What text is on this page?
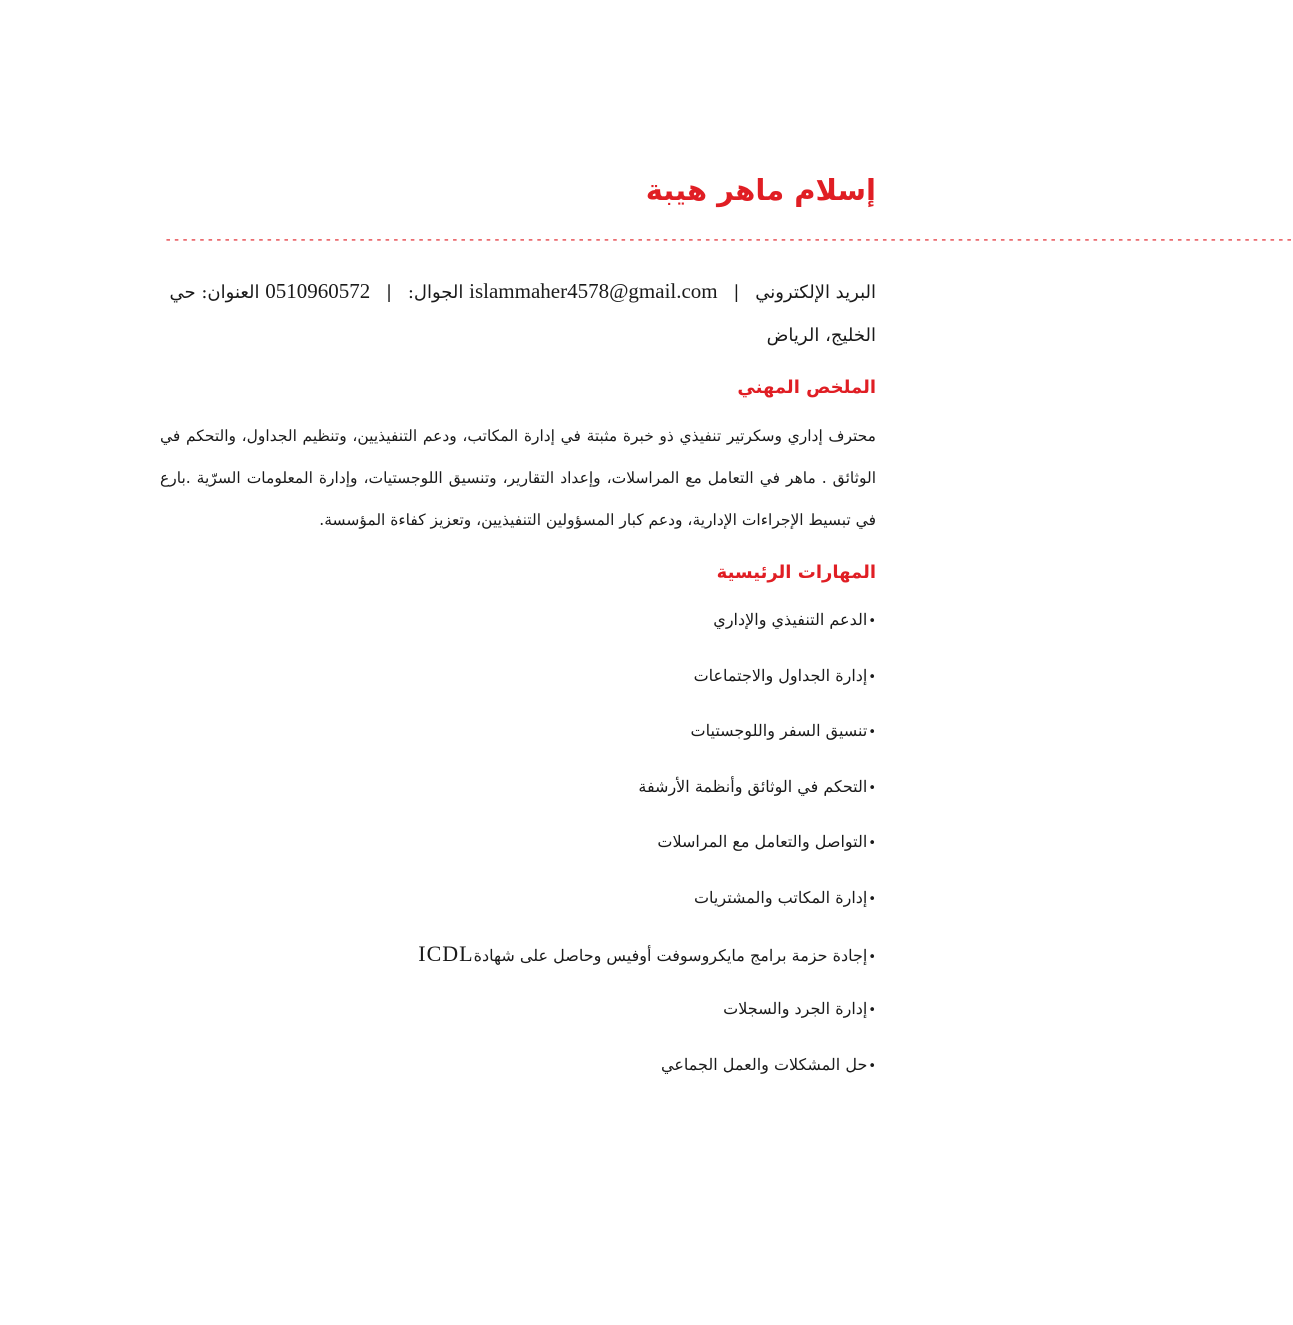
إسلام ماهر هيبة
--------------------------------------------------------------------------------------------------------------------------------------
البريد الإلكتروني | islammaher4578@gmail.com الجوال: | 0510960572 العنوان: حي الخليج، الرياض
الملخص المهني

محترف إداري وسكرتير تنفيذي ذو خبرة مثبتة في إدارة المكاتب، ودعم التنفيذيين، وتنظيم الجداول، والتحكم في الوثائق . ماهر في التعامل مع المراسلات، وإعداد التقارير، وتنسيق اللوجستيات، وإدارة المعلومات السرّية .بارع في تبسيط الإجراءات الإدارية، ودعم كبار المسؤولين التنفيذيين، وتعزيز كفاءة المؤسسة.

المهارات الرئيسية
•الدعم التنفيذي والإداري
•إدارة الجداول والاجتماعات
•تنسيق السفر واللوجستيات
•التحكم في الوثائق وأنظمة الأرشفة
•التواصل والتعامل مع المراسلات
•إدارة المكاتب والمشتريات
•إجادة حزمة برامج مايكروسوفت أوفيس وحاصل على شهادةICDL
•إدارة الجرد والسجلات
•حل المشكلات والعمل الجماعي
